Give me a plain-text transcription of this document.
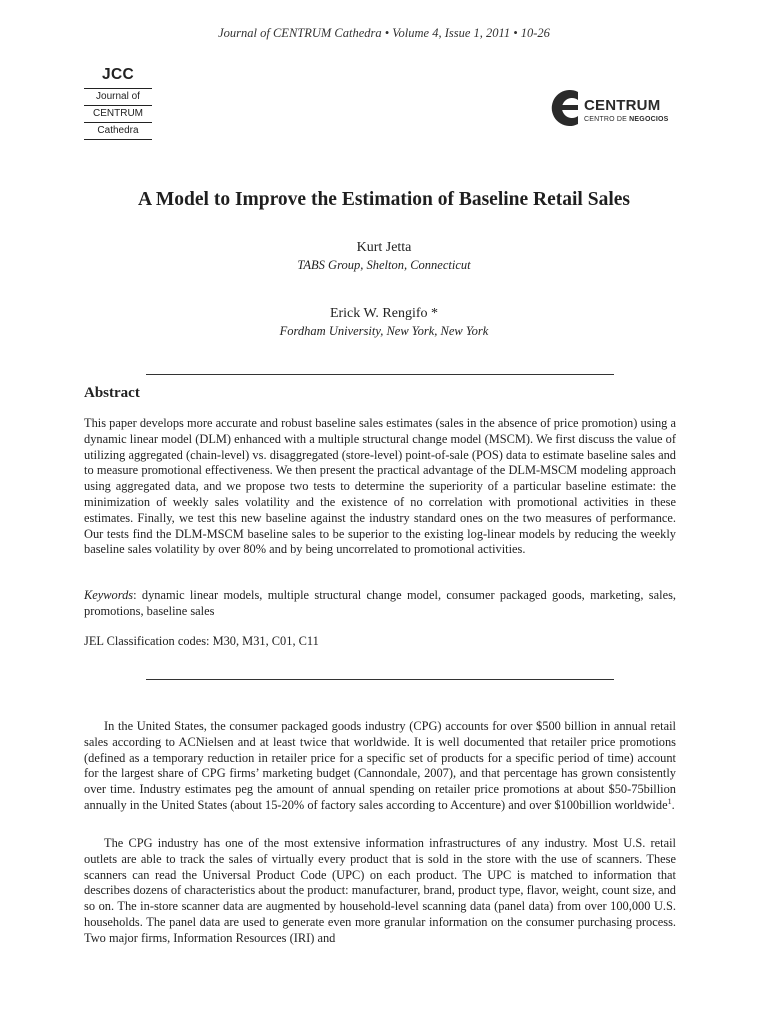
Journal of CENTRUM Cathedra • Volume 4, Issue 1, 2011 • 10-26
JCC
Journal of
CENTRUM
Cathedra
CENTRUM
CENTRO DE NEGOCIOS
A Model to Improve the Estimation of Baseline Retail Sales
Kurt Jetta
TABS Group, Shelton, Connecticut
Erick W. Rengifo *
Fordham University, New York, New York
Abstract
This paper develops more accurate and robust baseline sales estimates (sales in the absence of price promotion) using a dynamic linear model (DLM) enhanced with a multiple structural change model (MSCM). We first discuss the value of utilizing aggregated (chain-level) vs. disaggregated (store-level) point-of-sale (POS) data to estimate baseline sales and to measure promotional effectiveness. We then present the practical advantage of the DLM-MSCM modeling approach using aggregated data, and we propose two tests to determine the superiority of a particular baseline estimate: the minimization of weekly sales volatility and the existence of no correlation with promotional activities in these estimates. Finally, we test this new baseline against the industry standard ones on the two measures of performance. Our tests find the DLM-MSCM baseline sales to be superior to the existing log-linear models by reducing the weekly baseline sales volatility by over 80% and by being uncorrelated to promotional activities.
Keywords: dynamic linear models, multiple structural change model, consumer packaged goods, marketing, sales, promotions, baseline sales
JEL Classification codes: M30, M31, C01, C11
In the United States, the consumer packaged goods industry (CPG) accounts for over $500 billion in annual retail sales according to ACNielsen and at least twice that worldwide. It is well documented that retailer price promotions (defined as a temporary reduction in retailer price for a specific set of products for a specific period of time) account for the largest share of CPG firms’ marketing budget (Cannondale, 2007), and that percentage has grown consistently over time. Industry estimates peg the amount of annual spending on retailer price promotions at about $50-75billion annually in the United States (about 15-20% of factory sales according to Accenture) and over $100billion worldwide$^1$.
The CPG industry has one of the most extensive information infrastructures of any industry. Most U.S. retail outlets are able to track the sales of virtually every product that is sold in the store with the use of scanners. These scanners can read the Universal Product Code (UPC) on each product. The UPC is matched to information that describes dozens of characteristics about the product: manufacturer, brand, product type, flavor, weight, count size, and so on. The in-store scanner data are augmented by household-level scanning data (panel data) from over 100,000 U.S. households. The panel data are used to generate even more granular information on the consumer purchasing process. Two major firms, Information Resources (IRI) and
